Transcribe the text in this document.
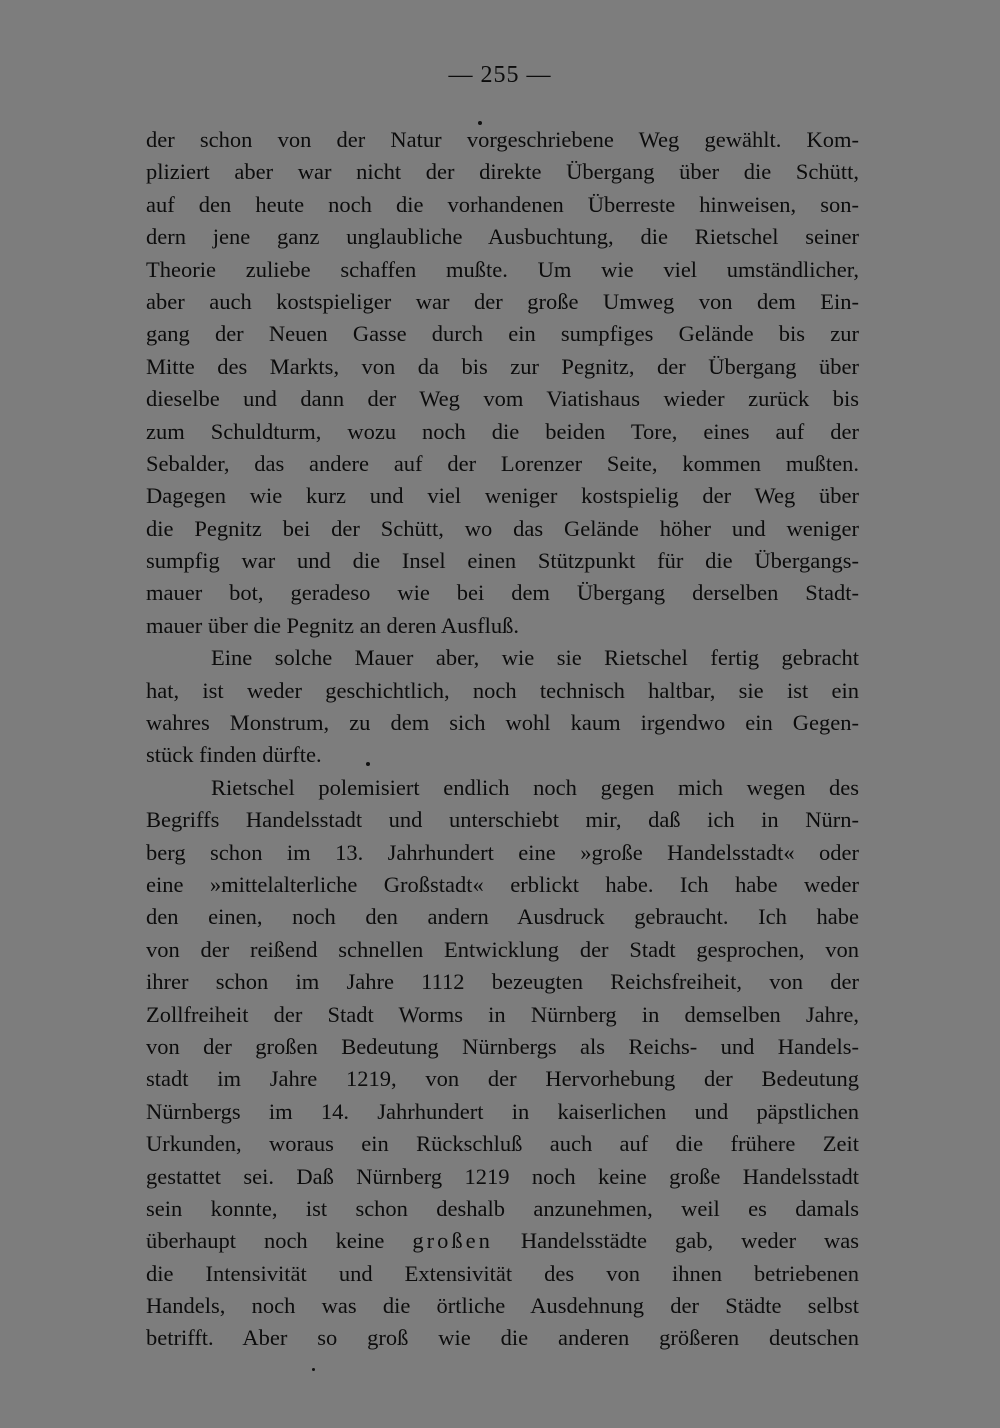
— 255 —
der schon von der Natur vorgeschriebene Weg gewählt. Kom-
pliziert aber war nicht der direkte Übergang über die Schütt,
auf den heute noch die vorhandenen Überreste hinweisen, son-
dern jene ganz unglaubliche Ausbuchtung, die Rietschel seiner
Theorie zuliebe schaffen mußte. Um wie viel umständlicher,
aber auch kostspieliger war der große Umweg von dem Ein-
gang der Neuen Gasse durch ein sumpfiges Gelände bis zur
Mitte des Markts, von da bis zur Pegnitz, der Übergang über
dieselbe und dann der Weg vom Viatishaus wieder zurück bis
zum Schuldturm, wozu noch die beiden Tore, eines auf der
Sebalder, das andere auf der Lorenzer Seite, kommen mußten.
Dagegen wie kurz und viel weniger kostspielig der Weg über
die Pegnitz bei der Schütt, wo das Gelände höher und weniger
sumpfig war und die Insel einen Stützpunkt für die Übergangs-
mauer bot, geradeso wie bei dem Übergang derselben Stadt-
mauer über die Pegnitz an deren Ausfluß.
Eine solche Mauer aber, wie sie Rietschel fertig gebracht
hat, ist weder geschichtlich, noch technisch haltbar, sie ist ein
wahres Monstrum, zu dem sich wohl kaum irgendwo ein Gegen-
stück finden dürfte.
Rietschel polemisiert endlich noch gegen mich wegen des
Begriffs Handelsstadt und unterschiebt mir, daß ich in Nürn-
berg schon im 13. Jahrhundert eine »große Handelsstadt« oder
eine »mittelalterliche Großstadt« erblickt habe. Ich habe weder
den einen, noch den andern Ausdruck gebraucht. Ich habe
von der reißend schnellen Entwicklung der Stadt gesprochen, von
ihrer schon im Jahre 1112 bezeugten Reichsfreiheit, von der
Zollfreiheit der Stadt Worms in Nürnberg in demselben Jahre,
von der großen Bedeutung Nürnbergs als Reichs- und Handels-
stadt im Jahre 1219, von der Hervorhebung der Bedeutung
Nürnbergs im 14. Jahrhundert in kaiserlichen und päpstlichen
Urkunden, woraus ein Rückschluß auch auf die frühere Zeit
gestattet sei. Daß Nürnberg 1219 noch keine große Handelsstadt
sein konnte, ist schon deshalb anzunehmen, weil es damals
überhaupt noch keine großen Handelsstädte gab, weder was
die Intensivität und Extensivität des von ihnen betriebenen
Handels, noch was die örtliche Ausdehnung der Städte selbst
betrifft. Aber so groß wie die anderen größeren deutschen
